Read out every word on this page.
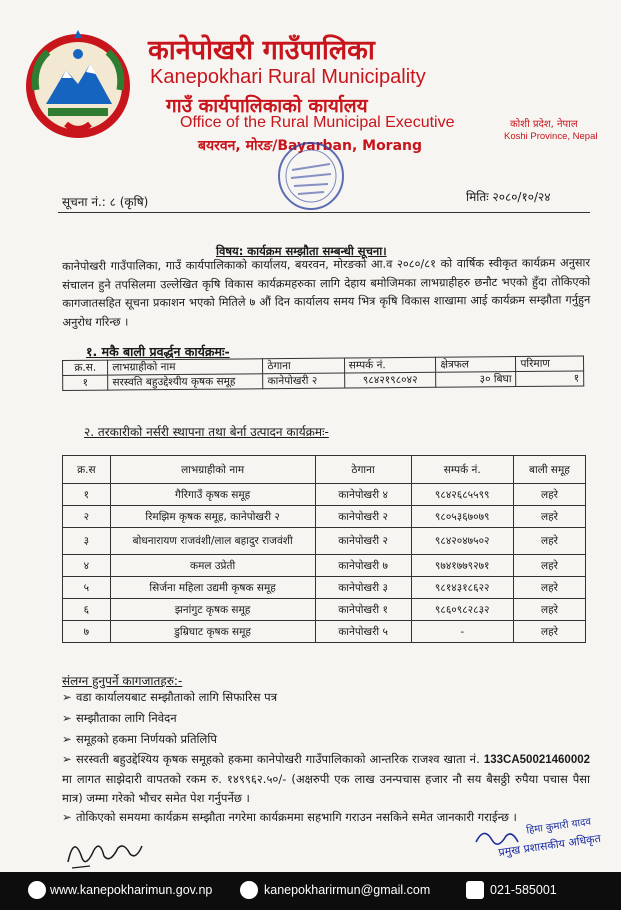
कानेपोखरी गाउँपालिका
Kanepokhari Rural Municipality
गाउँ कार्यपालिकाको कार्यालय
Office of the Rural Municipal Executive
बयरवन, मोरङ/Bayarban, Morang
कोशी प्रदेश, नेपाल
Koshi Province, Nepal
सूचना नं.: ८ (कृषि)	मितिः २०८०/१०/२४
विषय: कार्यक्रम सम्झौता सम्बन्धी सूचना।
कानेपोखरी गाउँपालिका, गाउँ कार्यपालिकाको कार्यालय, बयरवन, मोरङको आ.व २०८०/८१ को वार्षिक स्वीकृत कार्यक्रम अनुसार संचालन हुने तपसिलमा उल्लेखित कृषि विकास कार्यक्रमहरुका लागि देहाय बमोजिमका लाभग्राहीहरु छनौट भएको हुँदा तोकिएको कागजातसहित सूचना प्रकाशन भएको मितिले ७ औं दिन कार्यालय समय भित्र कृषि विकास शाखामा आई कार्यक्रम सम्झौता गर्नुहुन अनुरोध गरिन्छ ।
१. मकै बाली प्रवर्द्धन कार्यक्रमः-
क्र.स.	लाभग्राहीको नाम	ठेगाना	सम्पर्क नं.	क्षेत्रफल	परिमाण
१	सरस्वति बहुउद्देश्यीय कृषक समूह	कानेपोखरी २	९८४२१९८०४२	३० बिघा	१
२. तरकारीको नर्सरी स्थापना तथा बेर्ना उत्पादन कार्यक्रमः-
क्र.स	लाभग्राहीको नाम	ठेगाना	सम्पर्क नं.	बाली समूह
१	गैरिगाउँ कृषक समूह	कानेपोखरी ४	९८४२६८५५९९	लहरे
२	रिमझिम कृषक समूह, कानेपोखरी २	कानेपोखरी २	९८०५३६७०७९	लहरे
३	बोधनारायण राजवंशी/लाल बहादुर राजवंशी	कानेपोखरी २	९८४२०४७५०२	लहरे
४	कमल उप्रेती	कानेपोखरी ७	९७४१७७९२७१	लहरे
५	सिर्जना महिला उद्यमी कृषक समूह	कानेपोखरी ३	९८१४३१८६२२	लहरे
६	झनांगुट कृषक समूह	कानेपोखरी १	९८६०९८२८३२	लहरे
७	डुम्रिघाट कृषक समूह	कानेपोखरी ५	-	लहरे
संलग्न हुनुपर्ने कागजातहरु:-
➢ वडा कार्यालयबाट सम्झौताको लागि सिफारिस पत्र
➢ सम्झौताका लागि निवेदन
➢ समूहको हकमा निर्णयको प्रतिलिपि
➢ सरस्वती बहुउद्देश्यिय कृषक समूहको हकमा कानेपोखरी गाउँपालिकाको आन्तरिक राजश्व खाता नं. 133CA50021460002 मा लागत साझेदारी वापतको रकम रु. १४९९६२.५०/- (अक्षरुपी एक लाख उनन्पचास हजार नौ सय बैसठ्ठी रुपैया पचास पैसा मात्र) जम्मा गरेको भौचर समेत पेश गर्नुपर्नेछ ।
➢ तोकिएको समयमा कार्यक्रम सम्झौता नगरेमा कार्यक्रममा सहभागि गराउन नसकिने समेत जानकारी गराईन्छ । हिमा कुमारी यादव
प्रमुख प्रशासकीय अधिकृत
www.kanepokharimun.gov.np	kanepokharirmun@gmail.com	021-585001
